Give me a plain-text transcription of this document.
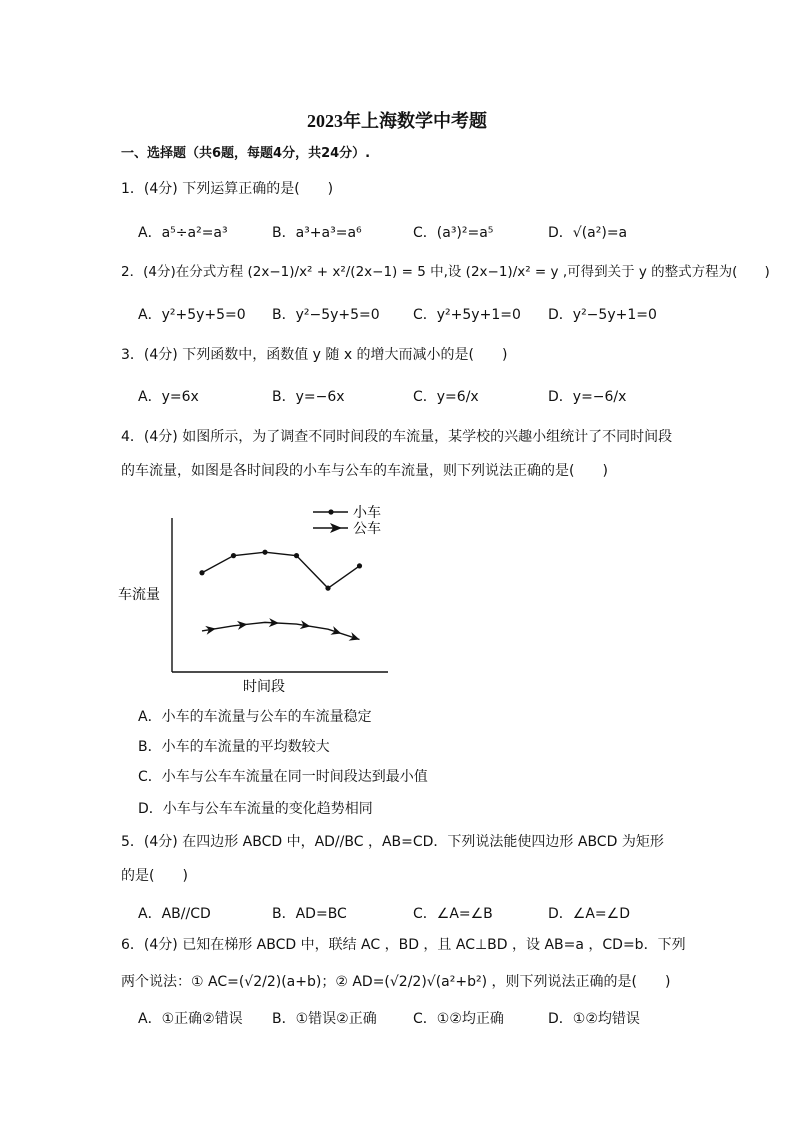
2023年上海数学中考题
一、选择题（共6题，每题4分，共24分）.
1．(4分) 下列运算正确的是(　　)
A．a⁵÷a²=a³	B．a³+a³=a⁶	C．(a³)²=a⁵	D．√(a²)=a
2．(4分)在分式方程 (2x−1)/x² + x²/(2x−1) = 5 中,设 (2x−1)/x² = y ,可得到关于 y 的整式方程为(　　)
A．y²+5y+5=0 B．y²−5y+5=0 C．y²+5y+1=0 D．y²−5y+1=0
3．(4分) 下列函数中，函数值 y 随 x 的增大而减小的是(　　)
A．y=6x	B．y=−6x	C．y=6/x	D．y=−6/x
4．(4分) 如图所示，为了调查不同时间段的车流量，某学校的兴趣小组统计了不同时间段
的车流量，如图是各时间段的小车与公车的车流量，则下列说法正确的是(　　)
车流量
时间段
小车
公车
A．小车的车流量与公车的车流量稳定
B．小车的车流量的平均数较大
C．小车与公车车流量在同一时间段达到最小值
D．小车与公车车流量的变化趋势相同
5．(4分) 在四边形 ABCD 中，AD//BC ，AB=CD．下列说法能使四边形 ABCD 为矩形
的是(　　)
A．AB//CD	B．AD=BC	C．∠A=∠B	D．∠A=∠D
6．(4分) 已知在梯形 ABCD 中，联结 AC ，BD ，且 AC⊥BD ，设 AB=a ，CD=b．下列
两个说法：① AC=(√2/2)(a+b)；② AD=(√2/2)√(a²+b²) ，则下列说法正确的是(　　)
A．①正确②错误 B．①错误②正确	C．①②均正确	D．①②均错误
